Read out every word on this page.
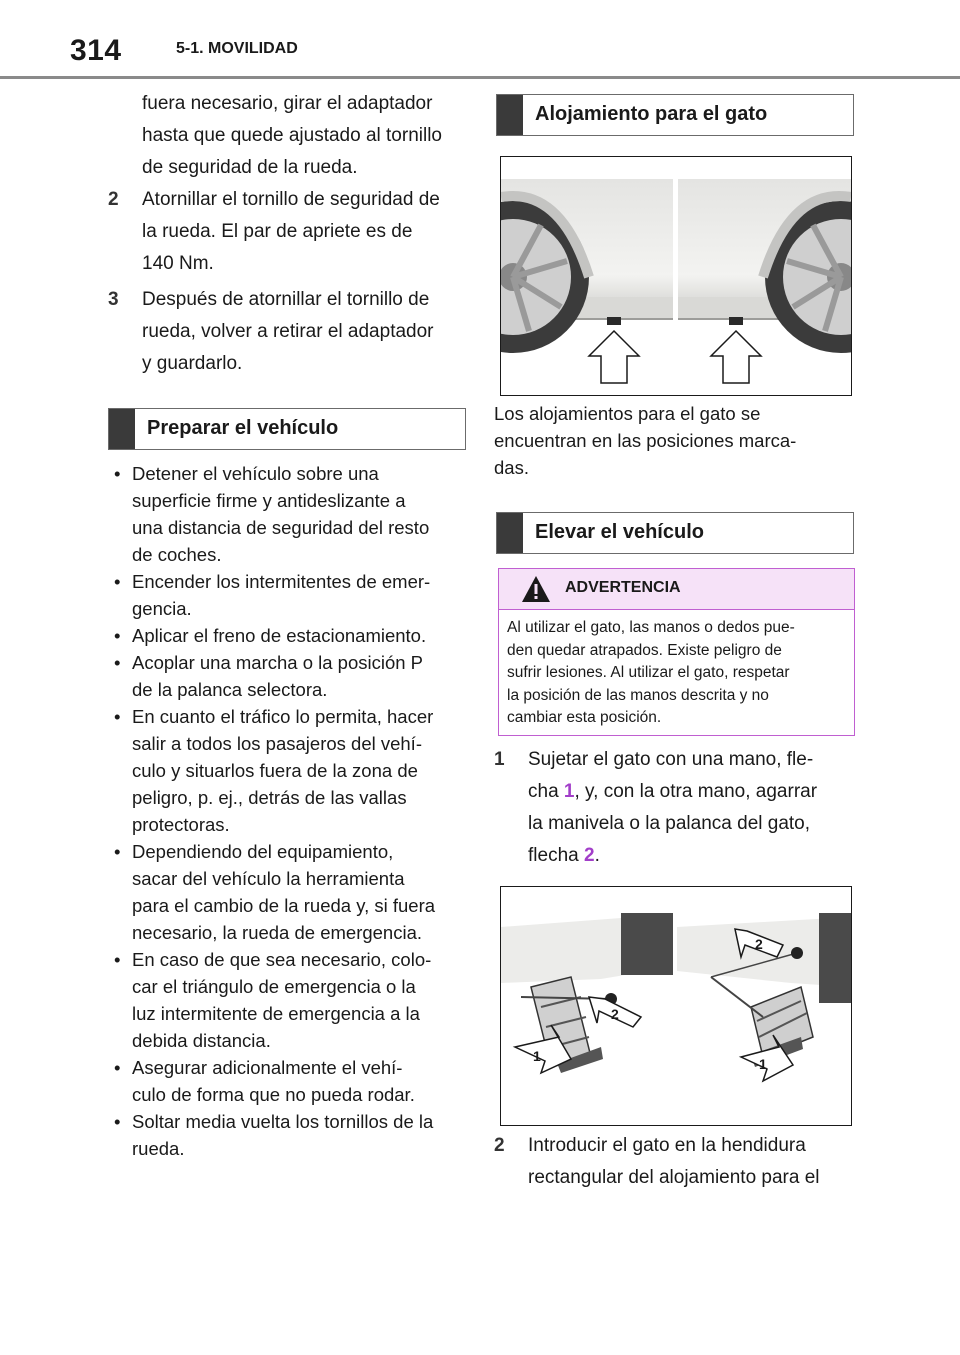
314	5-1. MOVILIDAD
fuera necesario, girar el adaptador
hasta que quede ajustado al tornillo
de seguridad de la rueda.
2 Atornillar el tornillo de seguridad de
la rueda. El par de apriete es de
140 Nm.
3 Después de atornillar el tornillo de
rueda, volver a retirar el adaptador
y guardarlo.
Preparar el vehículo
• Detener el vehículo sobre una
superficie firme y antideslizante a
una distancia de seguridad del resto
de coches.
• Encender los intermitentes de emer-
gencia.
• Aplicar el freno de estacionamiento.
• Acoplar una marcha o la posición P
de la palanca selectora.
• En cuanto el tráfico lo permita, hacer
salir a todos los pasajeros del vehí-
culo y situarlos fuera de la zona de
peligro, p. ej., detrás de las vallas
protectoras.
• Dependiendo del equipamiento,
sacar del vehículo la herramienta
para el cambio de la rueda y, si fuera
necesario, la rueda de emergencia.
• En caso de que sea necesario, colo-
car el triángulo de emergencia o la
luz intermitente de emergencia a la
debida distancia.
• Asegurar adicionalmente el vehí-
culo de forma que no pueda rodar.
• Soltar media vuelta los tornillos de la
rueda.
Alojamiento para el gato
Los alojamientos para el gato se
encuentran en las posiciones marca-
das.
Elevar el vehículo
ADVERTENCIA
Al utilizar el gato, las manos o dedos pue-
den quedar atrapados. Existe peligro de
sufrir lesiones. Al utilizar el gato, respetar
la posición de las manos descrita y no
cambiar esta posición.
1 Sujetar el gato con una mano, fle-
cha 1, y, con la otra mano, agarrar
la manivela o la palanca del gato,
flecha 2.
1
2
2
1
2 Introducir el gato en la hendidura
rectangular del alojamiento para el
